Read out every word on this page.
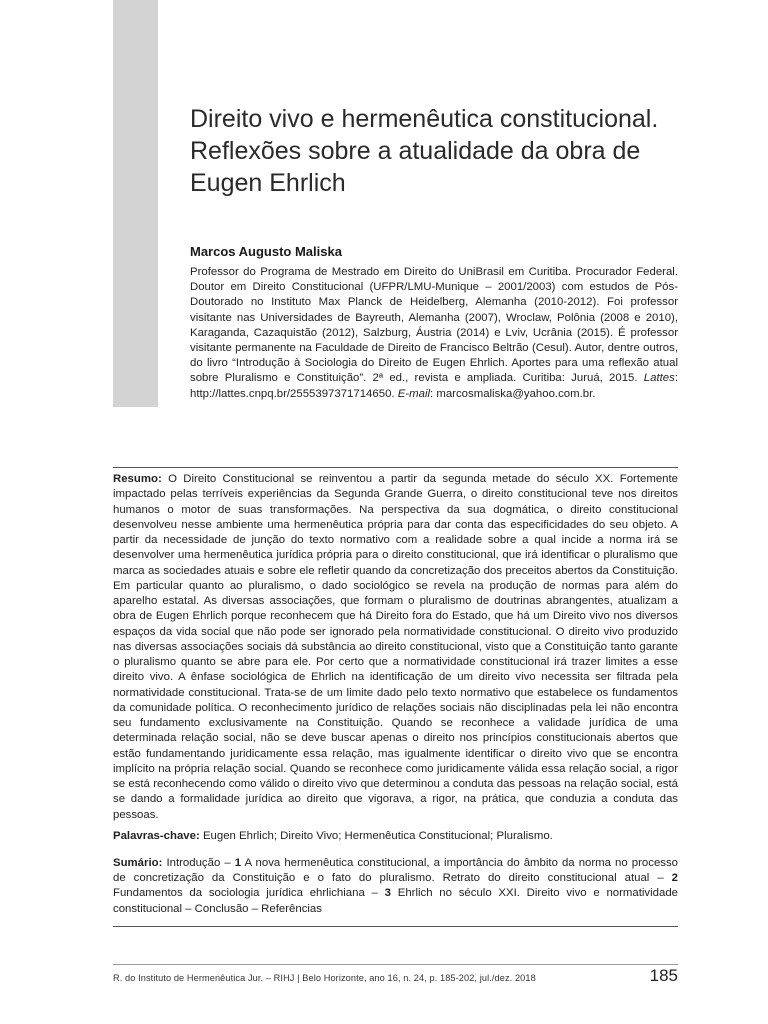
Direito vivo e hermenêutica constitucional. Reflexões sobre a atualidade da obra de Eugen Ehrlich
Marcos Augusto Maliska
Professor do Programa de Mestrado em Direito do UniBrasil em Curitiba. Procurador Federal. Doutor em Direito Constitucional (UFPR/LMU-Munique – 2001/2003) com estudos de Pós-Doutorado no Instituto Max Planck de Heidelberg, Alemanha (2010-2012). Foi professor visitante nas Universidades de Bayreuth, Alemanha (2007), Wroclaw, Polônia (2008 e 2010), Karaganda, Cazaquistão (2012), Salzburg, Áustria (2014) e Lviv, Ucrânia (2015). É professor visitante permanente na Faculdade de Direito de Francisco Beltrão (Cesul). Autor, dentre outros, do livro “Introdução à Sociologia do Direito de Eugen Ehrlich. Aportes para uma reflexão atual sobre Pluralismo e Constituição”. 2ª ed., revista e ampliada. Curitiba: Juruá, 2015. Lattes: http://lattes.cnpq.br/2555397371714650. E-mail: marcosmaliska@yahoo.com.br.

Resumo: O Direito Constitucional se reinventou a partir da segunda metade do século XX. Fortemente impactado pelas terríveis experiências da Segunda Grande Guerra, o direito constitucional teve nos direitos humanos o motor de suas transformações. Na perspectiva da sua dogmática, o direito constitucional desenvolveu nesse ambiente uma hermenêutica própria para dar conta das especificidades do seu objeto. A partir da necessidade de junção do texto normativo com a realidade sobre a qual incide a norma irá se desenvolver uma hermenêutica jurídica própria para o direito constitucional, que irá identificar o pluralismo que marca as sociedades atuais e sobre ele refletir quando da concretização dos preceitos abertos da Constituição. Em particular quanto ao pluralismo, o dado sociológico se revela na produção de normas para além do aparelho estatal. As diversas associações, que formam o pluralismo de doutrinas abrangentes, atualizam a obra de Eugen Ehrlich porque reconhecem que há Direito fora do Estado, que há um Direito vivo nos diversos espaços da vida social que não pode ser ignorado pela normatividade constitucional. O direito vivo produzido nas diversas associações sociais dá substância ao direito constitucional, visto que a Constituição tanto garante o pluralismo quanto se abre para ele. Por certo que a normatividade constitucional irá trazer limites a esse direito vivo. A ênfase sociológica de Ehrlich na identificação de um direito vivo necessita ser filtrada pela normatividade constitucional. Trata-se de um limite dado pelo texto normativo que estabelece os fundamentos da comunidade política. O reconhecimento jurídico de relações sociais não disciplinadas pela lei não encontra seu fundamento exclusivamente na Constituição. Quando se reconhece a validade jurídica de uma determinada relação social, não se deve buscar apenas o direito nos princípios constitucionais abertos que estão fundamentando juridicamente essa relação, mas igualmente identificar o direito vivo que se encontra implícito na própria relação social. Quando se reconhece como juridicamente válida essa relação social, a rigor se está reconhecendo como válido o direito vivo que determinou a conduta das pessoas na relação social, está se dando a formalidade jurídica ao direito que vigorava, a rigor, na prática, que conduzia a conduta das pessoas.

Palavras-chave: Eugen Ehrlich; Direito Vivo; Hermenêutica Constitucional; Pluralismo.
Sumário: Introdução – 1 A nova hermenêutica constitucional, a importância do âmbito da norma no processo de concretização da Constituição e o fato do pluralismo. Retrato do direito constitucional atual – 2 Fundamentos da sociologia jurídica ehrlichiana – 3 Ehrlich no século XXI. Direito vivo e normatividade constitucional – Conclusão – Referências
R. do Instituto de Hermenêutica Jur. – RIHJ | Belo Horizonte, ano 16, n. 24, p. 185-202, jul./dez. 2018	185
